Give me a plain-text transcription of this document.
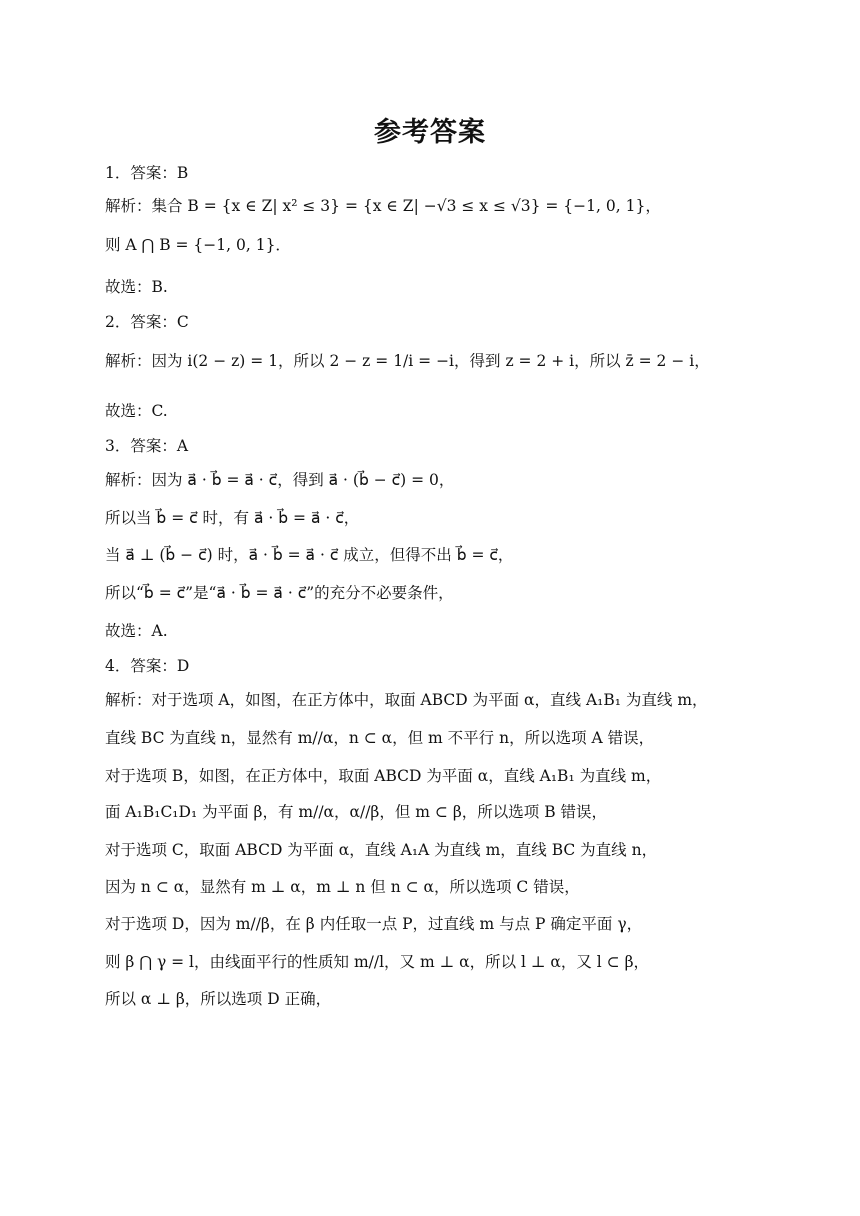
参考答案
1．答案：B
解析：集合 B = {x ∈ Z| x² ≤ 3} = {x ∈ Z| −√3 ≤ x ≤ √3} = {−1, 0, 1}，
则 A ⋂ B = {−1, 0, 1}．
故选：B.
2．答案：C
解析：因为 i(2 − z) = 1，所以 2 − z = 1/i = −i，得到 z = 2 + i，所以 z̄ = 2 − i，
故选：C.
3．答案：A
解析：因为 a⃗ · b⃗ = a⃗ · c⃗，得到 a⃗ · (b⃗ − c⃗) = 0，
所以当 b⃗ = c⃗ 时，有 a⃗ · b⃗ = a⃗ · c⃗，
当 a⃗ ⊥ (b⃗ − c⃗) 时，a⃗ · b⃗ = a⃗ · c⃗ 成立，但得不出 b⃗ = c⃗，
所以“b⃗ = c⃗”是“a⃗ · b⃗ = a⃗ · c⃗”的充分不必要条件，
故选：A.
4．答案：D
解析：对于选项 A，如图，在正方体中，取面 ABCD 为平面 α，直线 A₁B₁ 为直线 m，
直线 BC 为直线 n，显然有 m//α，n ⊂ α，但 m 不平行 n，所以选项 A 错误，
对于选项 B，如图，在正方体中，取面 ABCD 为平面 α，直线 A₁B₁ 为直线 m，
面 A₁B₁C₁D₁ 为平面 β，有 m//α，α//β，但 m ⊂ β，所以选项 B 错误，
对于选项 C，取面 ABCD 为平面 α，直线 A₁A 为直线 m，直线 BC 为直线 n，
因为 n ⊂ α，显然有 m ⊥ α，m ⊥ n 但 n ⊂ α，所以选项 C 错误，
对于选项 D，因为 m//β，在 β 内任取一点 P，过直线 m 与点 P 确定平面 γ，
则 β ⋂ γ = l，由线面平行的性质知 m//l，又 m ⊥ α，所以 l ⊥ α，又 l ⊂ β，
所以 α ⊥ β，所以选项 D 正确，
